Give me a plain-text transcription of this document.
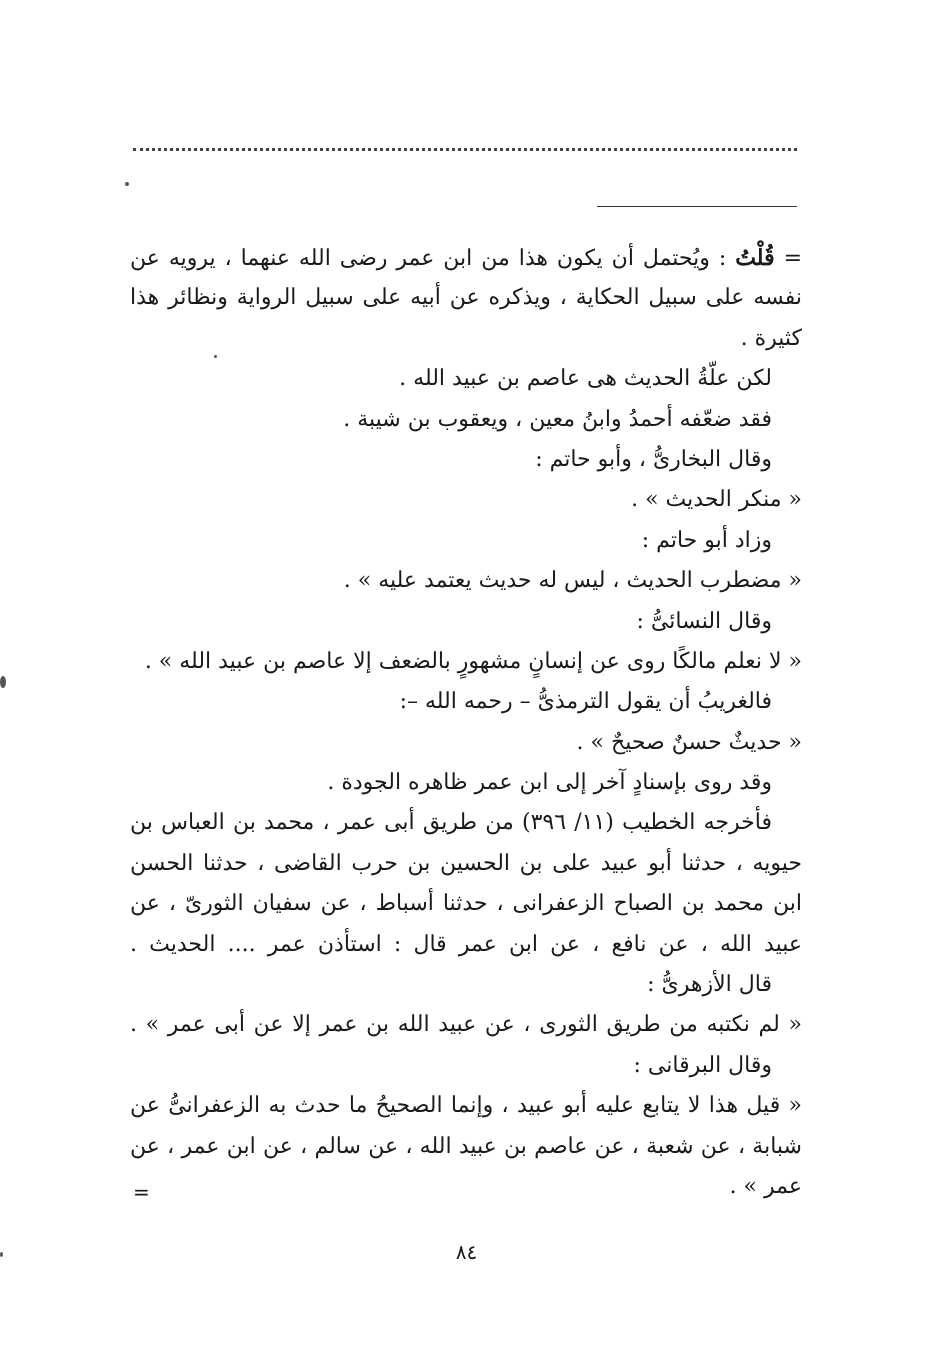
= قُلْتُ : ويُحتمل أن يكون هذا من ابن عمر رضى الله عنهما ، يرويه عن
نفسه على سبيل الحكاية ، ويذكره عن أبيه على سبيل الرواية ونظائر هذا
كثيرة .
لكن علّةُ الحديث هى عاصم بن عبيد الله .
فقد ضعّفه أحمدُ وابنُ معين ، ويعقوب بن شيبة .
وقال البخارىُّ ، وأبو حاتم :
« منكر الحديث » .
وزاد أبو حاتم :
« مضطرب الحديث ، ليس له حديث يعتمد عليه » .
وقال النسائىُّ :
« لا نعلم مالكًا روى عن إنسانٍ مشهورٍ بالضعف إلا عاصم بن عبيد الله » .
فالغريبُ أن يقول الترمذىُّ – رحمه الله –:
« حديثٌ حسنٌ صحيحٌ » .
وقد روى بإسنادٍ آخر إلى ابن عمر ظاهره الجودة .
فأخرجه الخطيب (١١/ ٣٩٦) من طريق أبى عمر ، محمد بن العباس بن
حيويه ، حدثنا أبو عبيد على بن الحسين بن حرب القاضى ، حدثنا الحسن
ابن محمد بن الصباح الزعفرانى ، حدثنا أسباط ، عن سفيان الثورىّ ، عن
عبيد الله ، عن نافع ، عن ابن عمر قال : استأذن عمر .... الحديث .
قال الأزهرىُّ :
« لم نكتبه من طريق الثورى ، عن عبيد الله بن عمر إلا عن أبى عمر » .
وقال البرقانى :
« قيل هذا لا يتابع عليه أبو عبيد ، وإنما الصحيحُ ما حدث به الزعفرانىُّ عن
شبابة ، عن شعبة ، عن عاصم بن عبيد الله ، عن سالم ، عن ابن عمر ، عن
عمر » .
=
٨٤
